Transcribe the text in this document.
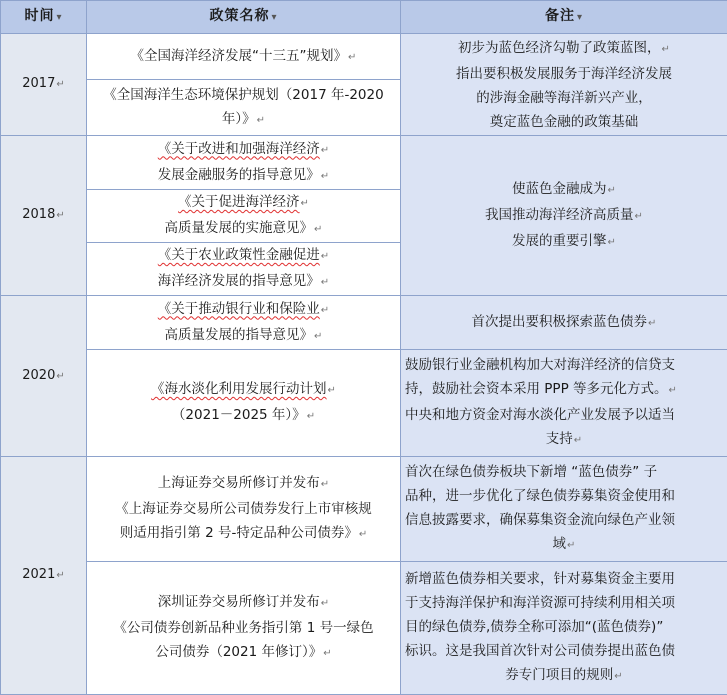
时间 ▾	政策名称 ▾	备注 ▾
2017↵	《全国海洋经济发展“十三五”规划》↵	初步为蓝色经济勾勒了政策蓝图，↵
指出要积极发展服务于海洋经济发展
的涉海金融等海洋新兴产业，
奠定蓝色金融的政策基础

	《全国海洋生态环境保护规划（2017 年-2020
年）》↵	

2018↵	《关于改进和加强海洋经济↵
发展金融服务的指导意见》↵	使蓝色金融成为↵
我国推动海洋经济高质量↵
发展的重要引擎↵

	《关于促进海洋经济↵
高质量发展的实施意见》↵	

	《关于农业政策性金融促进↵
海洋经济发展的指导意见》↵	

2020↵	《关于推动银行业和保险业↵
高质量发展的指导意见》↵	首次提出要积极探索蓝色债券↵

	《海水淡化利用发展行动计划↵
（2021－2025 年）》↵	鼓励银行业金融机构加大对海洋经济的信贷支
持，鼓励社会资本采用 PPP 等多元化方式。↵
中央和地方资金对海水淡化产业发展予以适当
支持↵

2021↵	上海证券交易所修订并发布↵
《上海证券交易所公司债券发行上市审核规
则适用指引第 2 号-特定品种公司债券》↵	首次在绿色债券板块下新增 “蓝色债券” 子
品种，进一步优化了绿色债券募集资金使用和
信息披露要求，确保募集资金流向绿色产业领
域↵

	深圳证券交易所修订并发布↵
《公司债券创新品种业务指引第 1 号一绿色
公司债券（2021 年修订）》↵	新增蓝色债券相关要求，针对募集资金主要用
于支持海洋保护和海洋资源可持续利用相关项
目的绿色债券,债券全称可添加“(蓝色债券)”
标识。这是我国首次针对公司债券提出蓝色债
券专门项目的规则↵
